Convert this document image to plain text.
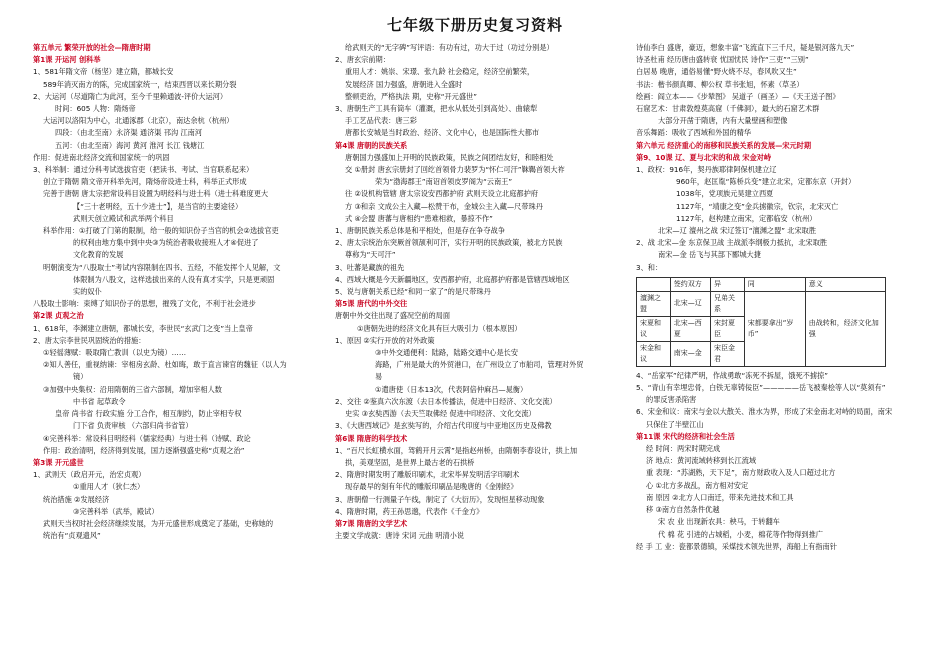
七年级下册历史复习资料

第五单元 繁荣开放的社会—隋唐时期

第1课 开运河 创科举

1、581年隋文帝（杨坚）建立隋，都城长安

589年消灭南方的陈，完成国家统一，结束西晋以来长期分裂

2、大运河（尽道隋亡为此河，至今千里赖通波-评价大运河）

时间：605 人物：隋炀帝

大运河以洛阳为中心，北通涿郡（北京），南达余杭（杭州）

四段：（由北至南）永济渠 通济渠 邗沟 江南河

五河：（由北至南）海河 黄河 淮河 长江 钱塘江

作用：促进南北经济交流和国家统一的巩固

3、科举制：通过分科考试选拔官吏（把读书、考试、当官联系起来）

创立于隋朝 隋文帝开科举先河，隋炀帝设进士科，科举正式形成

完善于唐朝 唐太宗把常设科目设置为明经科与进士科（进士科难度更大

【“三十老明经，五十少进士”】，是当官的主要途径）

武则天创立殿试和武举两个科目

科举作用：①打破了门第的限制，给一般的知识份子当官的机会②选拔官吏

的权利由地方集中到中央③为统治者吸收接班人才④促进了

文化教育的发展

明朝演变为“八股取士”考试内容限制在四书、五经，不能发挥个人见解，文

体限制为八股文，这样选拔出来的人没有真才实学，只是更顽固

实的奴仆

八股取士影响：束缚了知识份子的思想，摧残了文化，不利于社会进步

第2课 贞观之治

1、618年，李渊建立唐朝，都城长安，李世民“玄武门之变”当上皇帝

2、唐太宗李世民巩固统治的措施：

①轻徭薄赋：吸取隋亡教训（以史为镜）……

②知人善任，重视纳谏：宰相房玄龄、杜如晦，敢于直言谏官的魏征（以人为

镜）

③加强中央集权：沿用隋朝的三省六部制，增加宰相人数

中书省 起草政令

皇帝 尚书省 行政实施 分工合作，相互制约，防止宰相专权

门下省 负责审核 （六部归尚书省管）

④完善科举：常设科目明经科（儒家经典）与进士科（诗赋、政论

作用：政治清明，经济得到发展，国力逐渐强盛史称“贞观之治”

第3课 开元盛世

1、武则天（政启开元，治宏贞观）

①重用人才（狄仁杰）

统治措施 ②发展经济

③完善科举（武举，殿试）

武则天当权时社会经济继续发展，为开元盛世形成奠定了基础，史称她的

统治有“贞观遗风”

给武则天的“无字碑”写评语：有功有过，功大于过（功过分别是）

2、唐玄宗前期：

重用人才：姚崇、宋璟、张九龄 社会稳定，经济空前繁荣，

发展经济 国力强盛，唐朝进入全盛时

整顿吏治，严格执法 期，史称“开元盛世”

3、唐朝生产工具有筒车（灌溉，把水从低处引到高处）、曲辕犁

手工艺品代表：唐三彩

唐都长安城是当时政治、经济、文化中心，也是国际性大都市

第4课 唐朝的民族关系

唐朝国力强盛加上开明的民族政策，民族之间团结友好，和睦相处

交 ①册封 唐玄宗册封了回纥首领骨力裴罗为“怀仁可汗”靺鞨首领大祚

荣为“渤海郡王”南诏首领皮罗阁为“云南王”

往 ②设机构管辖 唐太宗设安西都护府 武则天设立北庭都护府

方 ③和亲 文成公主入藏—松赞干布，金城公主入藏—尺带珠丹

式 ④会盟 唐蕃与唐相约“患难相救，暴掠不作”

1、唐朝民族关系总体是和平相处，但是存在争夺战争

2、唐太宗统治东突厥首领颉利可汗，实行开明的民族政策，被北方民族

尊称为“天可汗”

3、吐蕃是藏族的祖先

4、西域大概是今天新疆地区，安西都护府，北庭都护府都是管辖西域地区

5、说与唐朝关系已经“和同一家了”的是尺带珠丹

第5课 唐代的中外交往

唐朝中外交往出现了盛况空前的局面

①唐朝先进的经济文化具有巨大吸引力（根本原因）

1、原因 ②实行开放的对外政策

③中外交通便利：陆路，陆路交通中心是长安

海路，广州是最大的外贸港口，在广州设立了市舶司，管理对外贸

易

①遣唐使（日本13次，代表阿倍仲麻吕—晁衡）

2、交往 ②鉴真六次东渡（去日本传播法，促进中日经济、文化交流）

史实 ③玄奘西游（去天竺取佛经 促进中印经济、文化交流）

3、《大唐西域记》是玄奘写的，介绍古代印度与中亚地区历史及佛教

第6课 隋唐的科学技术

1、“百尺长虹横水面，驾鹤开月云霄”是指赵州桥，由隋朝李春设计，拱上加

拱，美观坚固，是世界上最古老的石拱桥

2、隋唐时期发明了雕版印刷术，北宋毕昇发明活字印刷术

现存最早的刻有年代的雕版印刷品是晚唐的《金刚经》

3、唐朝僧一行测量子午线，制定了《大衍历》，发现恒星移动现象

4、隋唐时期，药王孙思邈，代表作《千金方》

第7课 隋唐的文学艺术

主要文学成就：唐诗 宋词 元曲 明清小说

诗仙李白 盛唐，豪迈，想象丰富“飞流直下三千尺，疑是银河落九天”

诗圣杜甫 经历唐由盛转衰 忧国忧民 诗作“三吏”“三别”

白居易 晚唐，通俗易懂“野火烧不尽，春风吹又生”

书法：楷书颜真卿、柳公权 草书张旭，怀素（草圣）

绘画：阎立本——《步辇图》 吴道子（画圣）—《天王送子图》

石窟艺术：甘肃敦煌莫高窟（千佛洞），最大的石窟艺术群

大部分开凿于隋唐，内有大量壁画和塑像

音乐舞蹈：吸收了西域和外国的精华

第六单元 经济重心的南移和民族关系的发展—宋元时期

第9、10课 辽、夏与北宋的和战 宋金对峙

1、政权：916年，契丹族耶律阿保机建立辽

960年，赵匡胤“陈桥兵变”建立北宋，定都东京（开封）

1038年，党项族元昊建立西夏

1127年，“靖康之变”金兵掳徽宗，钦宗，北宋灭亡

1127年，赵构建立南宋，定都临安（杭州）

北宋—辽 澶州之战 宋辽签订“澶渊之盟” 北宋取胜

2、战 北宋—金 东京保卫战 主战派李纲极力抵抗，北宋取胜

南宋—金 岳飞与其部下郾城大捷

3、和：

	签约双方	异	同	意义
澶渊之盟	北宋—辽	兄弟关系	宋都要拿出“岁币”	由战转和，经济文化加强
宋夏和议	北宋—西夏	宋封夏臣		
宋金和议	南宋—金	宋臣金君		

4、“岳家军”纪律严明，作战勇敢“冻死不拆屋，饿死不掳掠”

5、“青山有幸埋忠骨，白铁无辜铸佞臣”—————岳飞被秦桧等人以“莫须有”

的罪反害杀陷害

6、宋金和议：南宋与金以大散关、淮水为界，形成了宋金南北对峙的局面，南宋

只保住了半壁江山

第11课 宋代的经济和社会生活

经 时间：两宋时期完成

济 地点：黄河流域转移到长江流域

重 表现：“苏湖熟，天下足”，南方财政收入及人口超过北方

心 ①北方多战乱，南方相对安定

南 原因 ②北方人口南迁，带来先进技术和工具

移 ③南方自然条件优越

宋 农 业 出现新农具：秧马，于转翻车

代 棉 花 引进的占城稻，小麦，棉花等作物得到推广

经 手 工 业：瓷都景德镇，采煤技术领先世界，海船上有指南针
